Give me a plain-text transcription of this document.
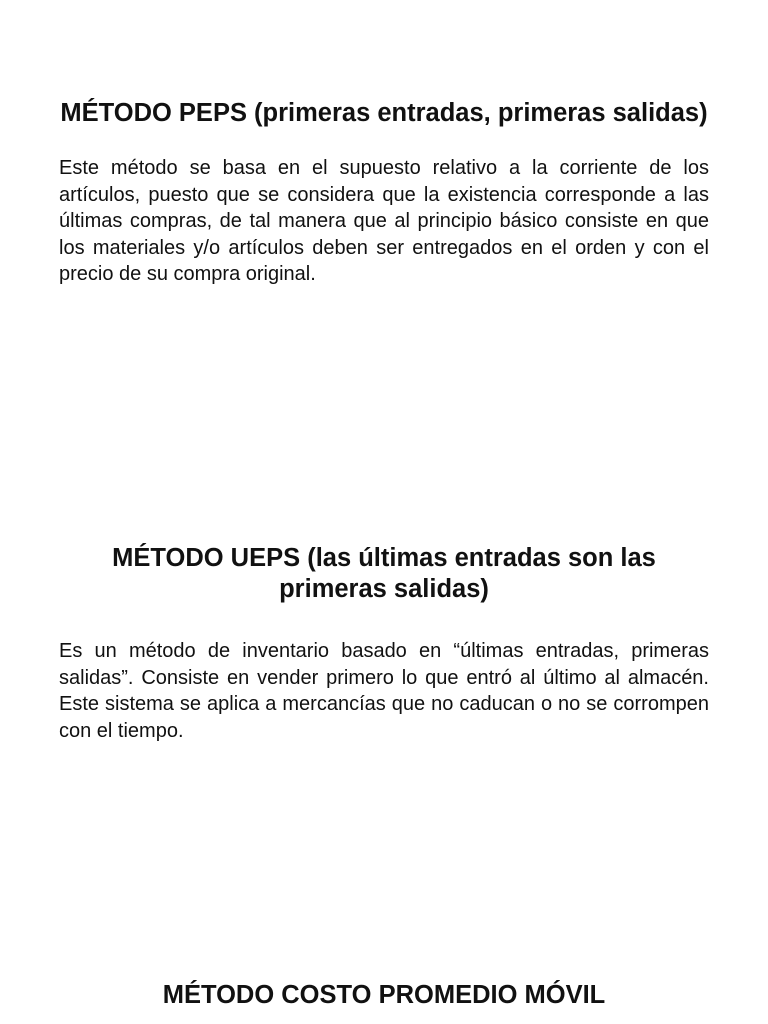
MÉTODO PEPS (primeras entradas, primeras salidas)

Este método se basa en el supuesto relativo a la corriente de los artículos, puesto que se considera que la existencia corresponde a las últimas compras, de tal manera que al principio básico consiste en que los materiales y/o artículos deben ser entregados en el orden y con el precio de su compra original.

MÉTODO UEPS (las últimas entradas son las primeras salidas)

Es un método de inventario basado en “últimas entradas, primeras salidas”. Consiste en vender primero lo que entró al último al almacén. Este sistema se aplica a mercancías que no caducan o no se corrompen con el tiempo.

MÉTODO COSTO PROMEDIO MÓVIL
